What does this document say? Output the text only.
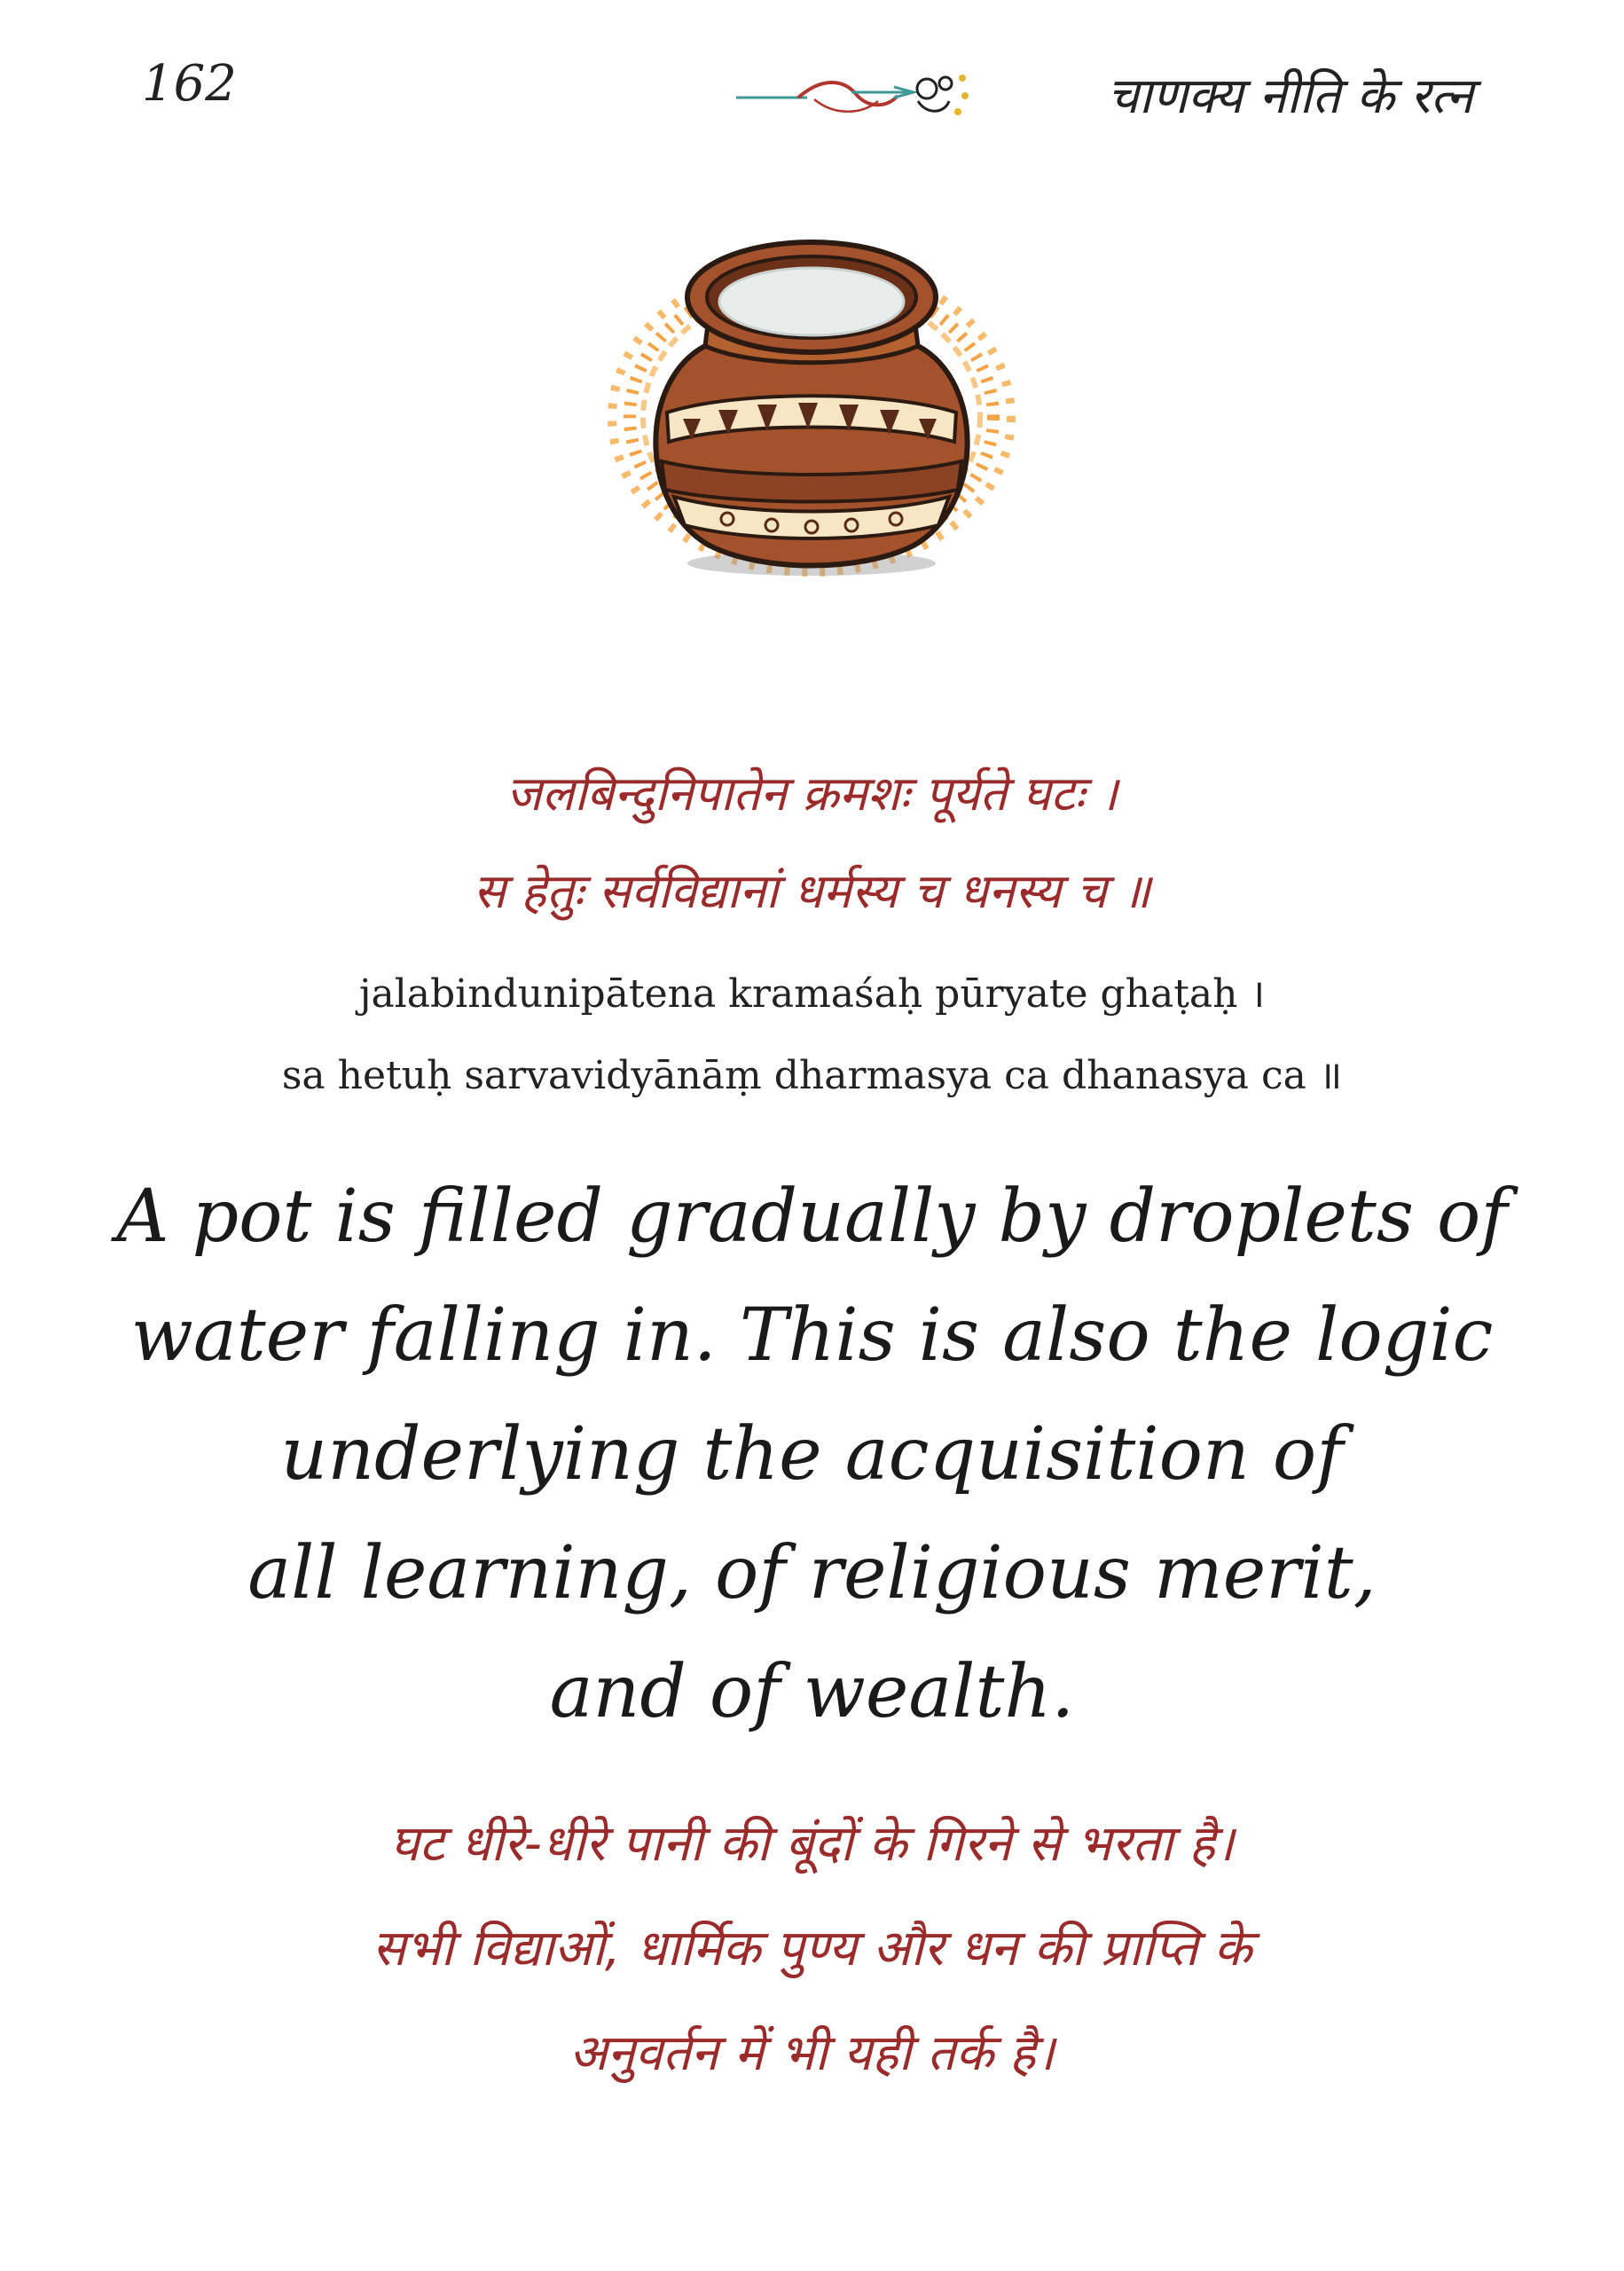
162	चाणक्य नीति के रत्न
जलबिन्दुनिपातेन क्रमशः पूर्यते घटः ।
स हेतुः सर्वविद्यानां धर्मस्य च धनस्य च ॥
jalabindunipātena kramaśaḥ pūryate ghaṭaḥ ।
sa hetuḥ sarvavidyānāṃ dharmasya ca dhanasya ca ॥
A pot is filled gradually by droplets of
water falling in. This is also the logic
underlying the acquisition of
all learning, of religious merit,
and of wealth.
घट धीरे-धीरे पानी की बूंदों के गिरने से भरता है।
सभी विद्याओं, धार्मिक पुण्य और धन की प्राप्ति के
अनुवर्तन में भी यही तर्क है।
